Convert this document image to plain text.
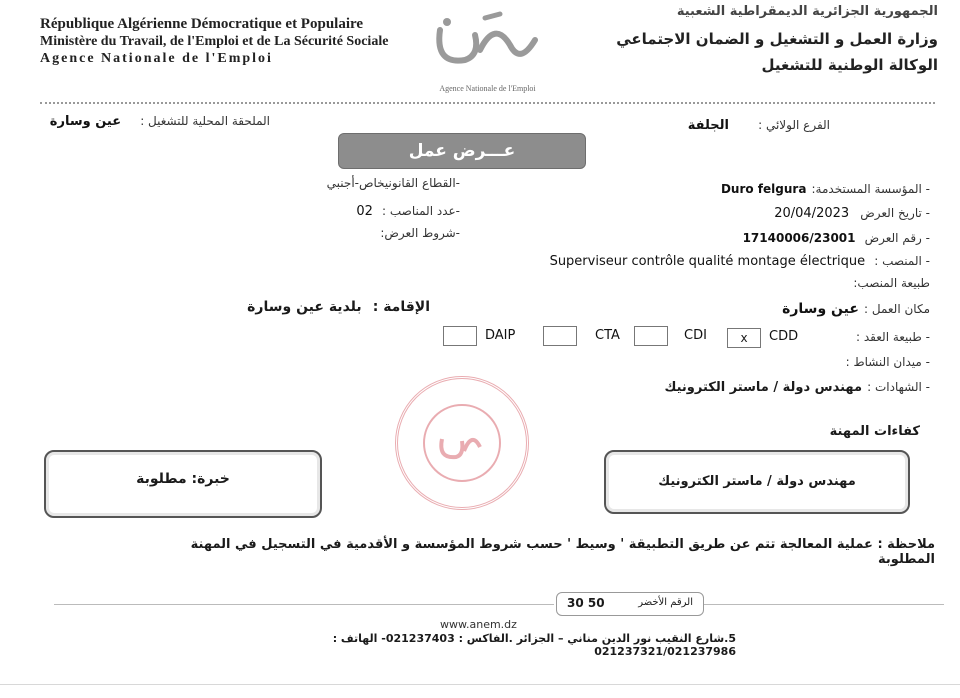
République Algérienne Démocratique et Populaire
Ministère du Travail, de l'Emploi et de La Sécurité Sociale
Agence Nationale de l'Emploi
Agence Nationale de l'Emploi
الجمهورية الجزائرية الديمقراطية الشعبية
وزارة العمل و التشغيل و الضمان الاجتماعي
الوكالة الوطنية للتشغيل
الملحقة المحلية للتشغيل : عين وسارة	الفرع الولائي : الجلفة
عـــرض عمل
-القطاع القانونيخاص-أجنبي
-عدد المناصب : 02
-شروط العرض:
- المؤسسة المستخدمة: Duro felgura
- تاريخ العرض 20/04/2023
- رقم العرض 17140006/23001
- المنصب : Superviseur contrôle qualité montage électrique
طبيعة المنصب:
مكان العمل : عين وسارة
الإقامة : بلدية عين وسارة
- طبيعة العقد :
x	CDD
CDI
CTA
DAIP
- ميدان النشاط :
- الشهادات : مهندس دولة / ماستر الكترونيك
كفاءات المهنة
مهندس دولة / ماستر الكترونيك
خبرة: مطلوبة
ملاحظة : عملية المعالجة تتم عن طريق التطبيقة ' وسيط ' حسب شروط المؤسسة و الأقدمية في التسجيل في المهنة المطلوبة
الرقم الأخضر
30 50
www.anem.dz
5.شارع النقيب نور الدين مناني – الجزائر .الفاكس : 021237403- الهاتف : 021237321/021237986
